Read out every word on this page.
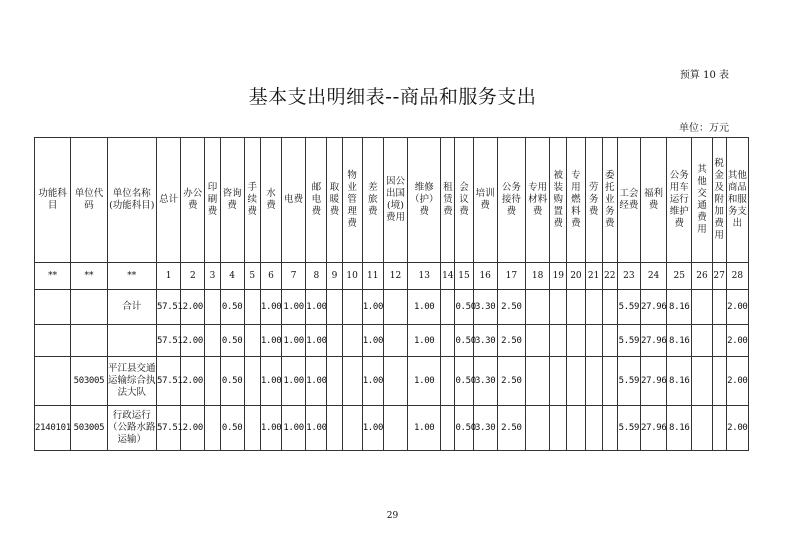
预算 10 表
基本支出明细表--商品和服务支出
单位：万元
功能科目	单位代码	单位名称(功能科目)	总计	办公费	印刷费	咨询费	手续费	水费	电费	邮电费	取暖费	物业管理费	差旅费	因公出国(境)费用	维修（护）费	租赁费	会议费	培训费	公务接待费	专用材料费	被装购置费	专用燃料费	劳务费	委托业务费	工会经费	福利费	公务用车运行维护费	其他交通费用	税金及附加费用	其他商品和服务支出

**	**	**	1	2	3	4	5	6	7	8	9	10	11	12	13	14	15	16	17	18	19	20	21	22	23	24	25	26	27	28
		合计	57.51	2.00		0.50		1.00	1.00	1.00			1.00		1.00		0.50	3.30	2.50						5.59	27.96	8.16			2.00
			57.51	2.00		0.50		1.00	1.00	1.00			1.00		1.00		0.50	3.30	2.50						5.59	27.96	8.16			2.00
	503005	平江县交通运输综合执法大队	57.51	2.00		0.50		1.00	1.00	1.00			1.00		1.00		0.50	3.30	2.50						5.59	27.96	8.16			2.00
2140101	503005	行政运行（公路水路运输）	57.51	2.00		0.50		1.00	1.00	1.00			1.00		1.00		0.50	3.30	2.50						5.59	27.96	8.16			2.00
29
